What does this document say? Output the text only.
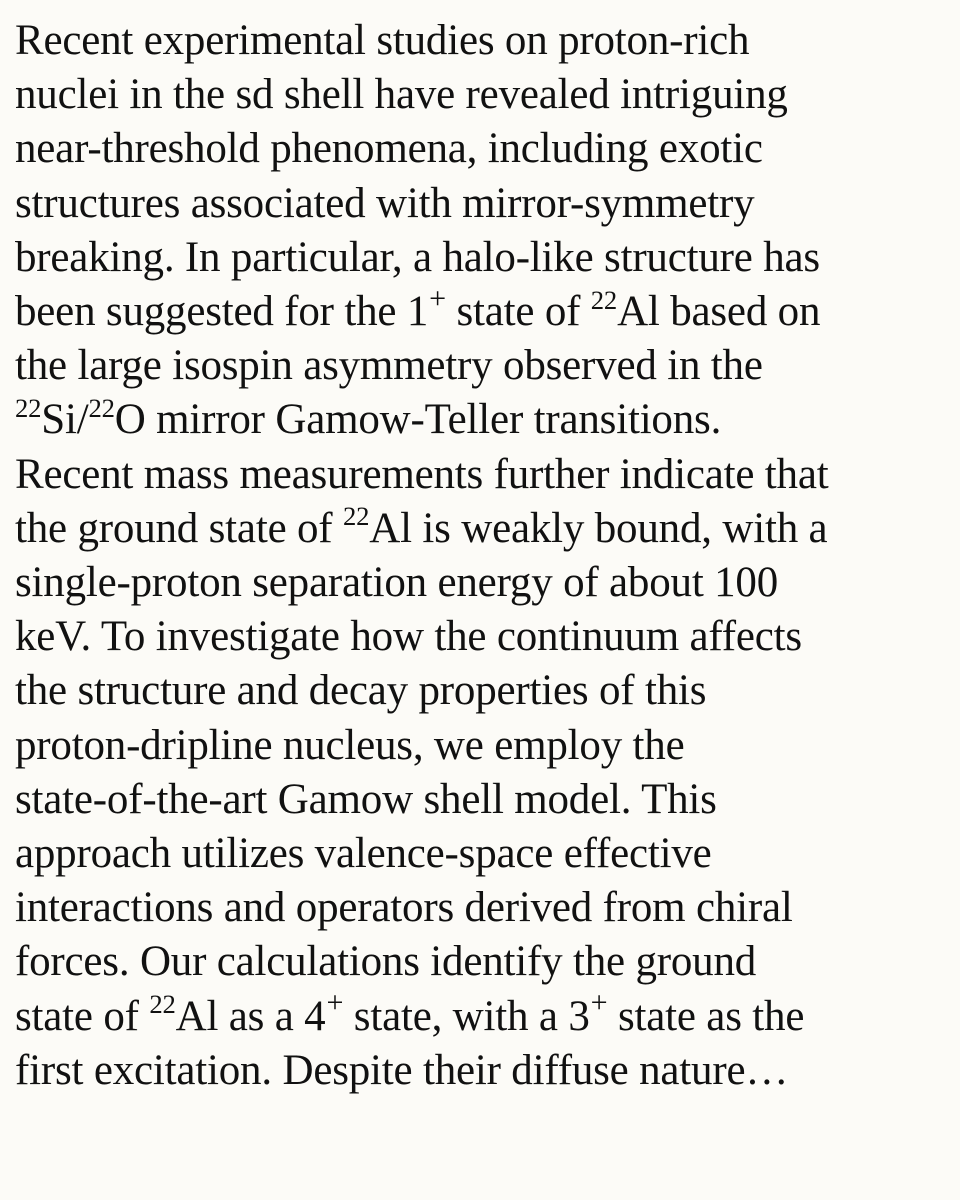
Recent experimental studies on proton-rich
nuclei in the sd shell have revealed intriguing
near-threshold phenomena, including exotic
structures associated with mirror-symmetry
breaking. In particular, a halo-like structure has
been suggested for the 1+ state of $^{22}$Al based on
the large isospin asymmetry observed in the
$^{22}$Si/$^{22}$O mirror Gamow-Teller transitions.
Recent mass measurements further indicate that
the ground state of $^{22}$Al is weakly bound, with a
single-proton separation energy of about 100
keV. To investigate how the continuum affects
the structure and decay properties of this
proton-dripline nucleus, we employ the
state-of-the-art Gamow shell model. This
approach utilizes valence-space effective
interactions and operators derived from chiral
forces. Our calculations identify the ground
state of $^{22}$Al as a 4+ state, with a 3+ state as the
first excitation. Despite their diffuse nature…
